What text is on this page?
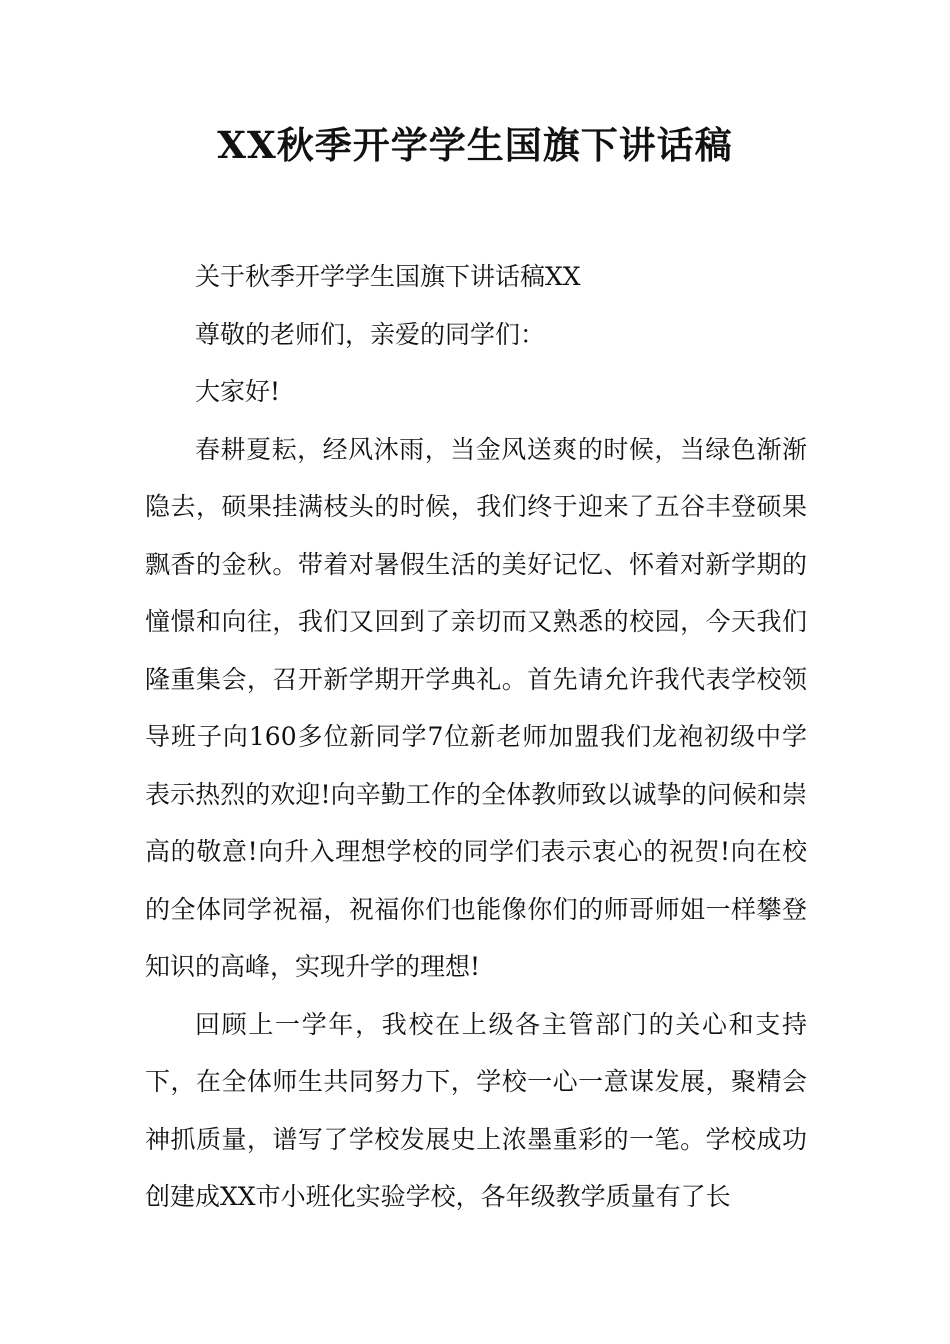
XX秋季开学学生国旗下讲话稿

关于秋季开学学生国旗下讲话稿XX

尊敬的老师们，亲爱的同学们：

大家好!

春耕夏耘，经风沐雨，当金风送爽的时候，当绿色渐渐隐去，硕果挂满枝头的时候，我们终于迎来了五谷丰登硕果飘香的金秋。带着对暑假生活的美好记忆、怀着对新学期的憧憬和向往，我们又回到了亲切而又熟悉的校园，今天我们隆重集会，召开新学期开学典礼。首先请允许我代表学校领导班子向160多位新同学7位新老师加盟我们龙袍初级中学表示热烈的欢迎!向辛勤工作的全体教师致以诚挚的问候和崇高的敬意!向升入理想学校的同学们表示衷心的祝贺!向在校的全体同学祝福，祝福你们也能像你们的师哥师姐一样攀登知识的高峰，实现升学的理想!

回顾上一学年，我校在上级各主管部门的关心和支持下，在全体师生共同努力下，学校一心一意谋发展，聚精会神抓质量，谱写了学校发展史上浓墨重彩的一笔。学校成功创建成XX市小班化实验学校，各年级教学质量有了长
